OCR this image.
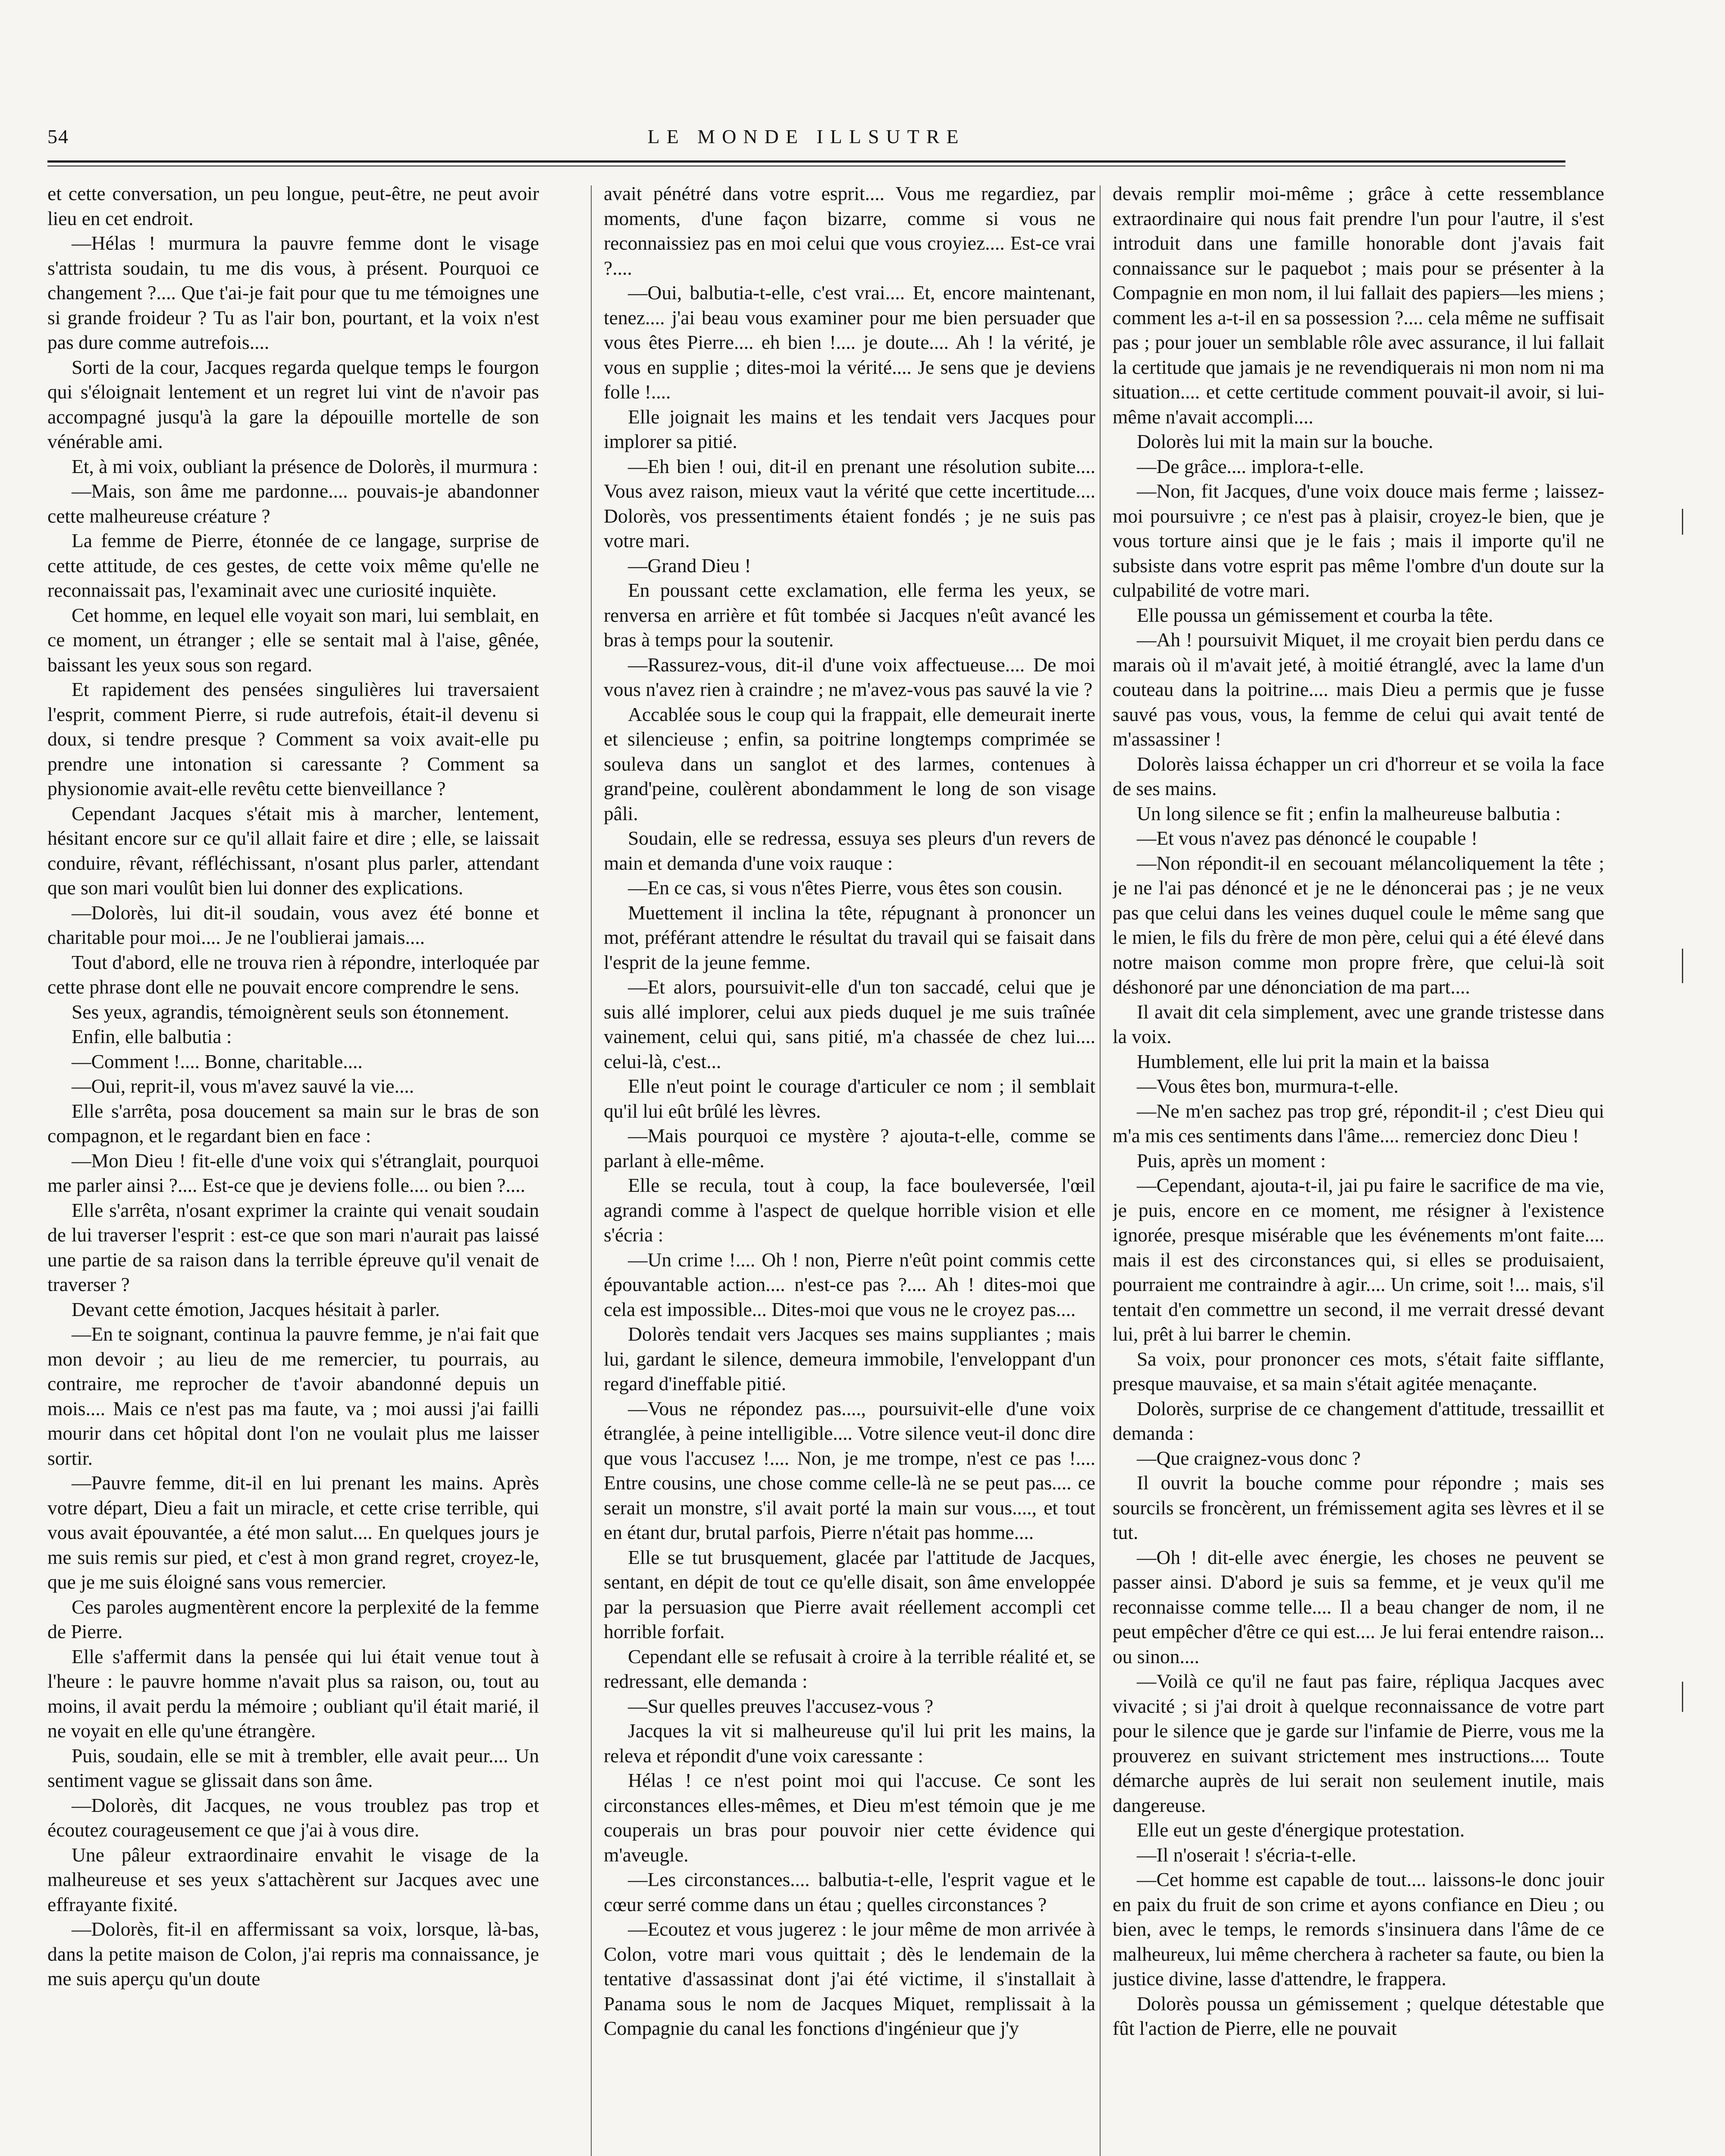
54	LE MONDE ILLSUTRE

et cette conversation, un peu longue, peut-être, ne peut avoir lieu en cet endroit.

—Hélas ! murmura la pauvre femme dont le visage s'attrista soudain, tu me dis vous, à présent. Pourquoi ce changement ?.... Que t'ai-je fait pour que tu me témoignes une si grande froideur ? Tu as l'air bon, pourtant, et la voix n'est pas dure comme autrefois....

Sorti de la cour, Jacques regarda quelque temps le fourgon qui s'éloignait lentement et un regret lui vint de n'avoir pas accompagné jusqu'à la gare la dépouille mortelle de son vénérable ami.

Et, à mi voix, oubliant la présence de Dolorès, il murmura :

—Mais, son âme me pardonne.... pouvais-je abandonner cette malheureuse créature ?

La femme de Pierre, étonnée de ce langage, surprise de cette attitude, de ces gestes, de cette voix même qu'elle ne reconnaissait pas, l'examinait avec une curiosité inquiète.

Cet homme, en lequel elle voyait son mari, lui semblait, en ce moment, un étranger ; elle se sentait mal à l'aise, gênée, baissant les yeux sous son regard.

Et rapidement des pensées singulières lui traversaient l'esprit, comment Pierre, si rude autrefois, était-il devenu si doux, si tendre presque ? Comment sa voix avait-elle pu prendre une intonation si caressante ? Comment sa physionomie avait-elle revêtu cette bienveillance ?

Cependant Jacques s'était mis à marcher, lentement, hésitant encore sur ce qu'il allait faire et dire ; elle, se laissait conduire, rêvant, réfléchissant, n'osant plus parler, attendant que son mari voulût bien lui donner des explications.

—Dolorès, lui dit-il soudain, vous avez été bonne et charitable pour moi.... Je ne l'oublierai jamais....

Tout d'abord, elle ne trouva rien à répondre, interloquée par cette phrase dont elle ne pouvait encore comprendre le sens.

Ses yeux, agrandis, témoignèrent seuls son étonnement.

Enfin, elle balbutia :

—Comment !.... Bonne, charitable....

—Oui, reprit-il, vous m'avez sauvé la vie....

Elle s'arrêta, posa doucement sa main sur le bras de son compagnon, et le regardant bien en face :

—Mon Dieu ! fit-elle d'une voix qui s'étranglait, pourquoi me parler ainsi ?.... Est-ce que je deviens folle.... ou bien ?....

Elle s'arrêta, n'osant exprimer la crainte qui venait soudain de lui traverser l'esprit : est-ce que son mari n'aurait pas laissé une partie de sa raison dans la terrible épreuve qu'il venait de traverser ?

Devant cette émotion, Jacques hésitait à parler.

—En te soignant, continua la pauvre femme, je n'ai fait que mon devoir ; au lieu de me remercier, tu pourrais, au contraire, me reprocher de t'avoir abandonné depuis un mois.... Mais ce n'est pas ma faute, va ; moi aussi j'ai failli mourir dans cet hôpital dont l'on ne voulait plus me laisser sortir.

—Pauvre femme, dit-il en lui prenant les mains. Après votre départ, Dieu a fait un miracle, et cette crise terrible, qui vous avait épouvantée, a été mon salut.... En quelques jours je me suis remis sur pied, et c'est à mon grand regret, croyez-le, que je me suis éloigné sans vous remercier.

Ces paroles augmentèrent encore la perplexité de la femme de Pierre.

Elle s'affermit dans la pensée qui lui était venue tout à l'heure : le pauvre homme n'avait plus sa raison, ou, tout au moins, il avait perdu la mémoire ; oubliant qu'il était marié, il ne voyait en elle qu'une étrangère.

Puis, soudain, elle se mit à trembler, elle avait peur.... Un sentiment vague se glissait dans son âme.

—Dolorès, dit Jacques, ne vous troublez pas trop et écoutez courageusement ce que j'ai à vous dire.

Une pâleur extraordinaire envahit le visage de la malheureuse et ses yeux s'attachèrent sur Jacques avec une effrayante fixité.

—Dolorès, fit-il en affermissant sa voix, lorsque, là-bas, dans la petite maison de Colon, j'ai repris ma connaissance, je me suis aperçu qu'un doute

avait pénétré dans votre esprit.... Vous me regardiez, par moments, d'une façon bizarre, comme si vous ne reconnaissiez pas en moi celui que vous croyiez.... Est-ce vrai ?....

—Oui, balbutia-t-elle, c'est vrai.... Et, encore maintenant, tenez.... j'ai beau vous examiner pour me bien persuader que vous êtes Pierre.... eh bien !.... je doute.... Ah ! la vérité, je vous en supplie ; dites-moi la vérité.... Je sens que je deviens folle !....

Elle joignait les mains et les tendait vers Jacques pour implorer sa pitié.

—Eh bien ! oui, dit-il en prenant une résolution subite.... Vous avez raison, mieux vaut la vérité que cette incertitude.... Dolorès, vos pressentiments étaient fondés ; je ne suis pas votre mari.

—Grand Dieu !

En poussant cette exclamation, elle ferma les yeux, se renversa en arrière et fût tombée si Jacques n'eût avancé les bras à temps pour la soutenir.

—Rassurez-vous, dit-il d'une voix affectueuse.... De moi vous n'avez rien à craindre ; ne m'avez-vous pas sauvé la vie ?

Accablée sous le coup qui la frappait, elle demeurait inerte et silencieuse ; enfin, sa poitrine longtemps comprimée se souleva dans un sanglot et des larmes, contenues à grand'peine, coulèrent abondamment le long de son visage pâli.

Soudain, elle se redressa, essuya ses pleurs d'un revers de main et demanda d'une voix rauque :

—En ce cas, si vous n'êtes Pierre, vous êtes son cousin.

Muettement il inclina la tête, répugnant à prononcer un mot, préférant attendre le résultat du travail qui se faisait dans l'esprit de la jeune femme.

—Et alors, poursuivit-elle d'un ton saccadé, celui que je suis allé implorer, celui aux pieds duquel je me suis traînée vainement, celui qui, sans pitié, m'a chassée de chez lui.... celui-là, c'est...

Elle n'eut point le courage d'articuler ce nom ; il semblait qu'il lui eût brûlé les lèvres.

—Mais pourquoi ce mystère ? ajouta-t-elle, comme se parlant à elle-même.

Elle se recula, tout à coup, la face bouleversée, l'œil agrandi comme à l'aspect de quelque horrible vision et elle s'écria :

—Un crime !.... Oh ! non, Pierre n'eût point commis cette épouvantable action.... n'est-ce pas ?.... Ah ! dites-moi que cela est impossible... Dites-moi que vous ne le croyez pas....

Dolorès tendait vers Jacques ses mains suppliantes ; mais lui, gardant le silence, demeura immobile, l'enveloppant d'un regard d'ineffable pitié.

—Vous ne répondez pas...., poursuivit-elle d'une voix étranglée, à peine intelligible.... Votre silence veut-il donc dire que vous l'accusez !.... Non, je me trompe, n'est ce pas !.... Entre cousins, une chose comme celle-là ne se peut pas.... ce serait un monstre, s'il avait porté la main sur vous...., et tout en étant dur, brutal parfois, Pierre n'était pas homme....

Elle se tut brusquement, glacée par l'attitude de Jacques, sentant, en dépit de tout ce qu'elle disait, son âme enveloppée par la persuasion que Pierre avait réellement accompli cet horrible forfait.

Cependant elle se refusait à croire à la terrible réalité et, se redressant, elle demanda :

—Sur quelles preuves l'accusez-vous ?

Jacques la vit si malheureuse qu'il lui prit les mains, la releva et répondit d'une voix caressante :

Hélas ! ce n'est point moi qui l'accuse. Ce sont les circonstances elles-mêmes, et Dieu m'est témoin que je me couperais un bras pour pouvoir nier cette évidence qui m'aveugle.

—Les circonstances.... balbutia-t-elle, l'esprit vague et le cœur serré comme dans un étau ; quelles circonstances ?

—Ecoutez et vous jugerez : le jour même de mon arrivée à Colon, votre mari vous quittait ; dès le lendemain de la tentative d'assassinat dont j'ai été victime, il s'installait à Panama sous le nom de Jacques Miquet, remplissait à la Compagnie du canal les fonctions d'ingénieur que j'y

devais remplir moi-même ; grâce à cette ressemblance extraordinaire qui nous fait prendre l'un pour l'autre, il s'est introduit dans une famille honorable dont j'avais fait connaissance sur le paquebot ; mais pour se présenter à la Compagnie en mon nom, il lui fallait des papiers—les miens ; comment les a-t-il en sa possession ?.... cela même ne suffisait pas ; pour jouer un semblable rôle avec assurance, il lui fallait la certitude que jamais je ne revendiquerais ni mon nom ni ma situation.... et cette certitude comment pouvait-il avoir, si lui-même n'avait accompli....

Dolorès lui mit la main sur la bouche.

—De grâce.... implora-t-elle.

—Non, fit Jacques, d'une voix douce mais ferme ; laissez-moi poursuivre ; ce n'est pas à plaisir, croyez-le bien, que je vous torture ainsi que je le fais ; mais il importe qu'il ne subsiste dans votre esprit pas même l'ombre d'un doute sur la culpabilité de votre mari.

Elle poussa un gémissement et courba la tête.

—Ah ! poursuivit Miquet, il me croyait bien perdu dans ce marais où il m'avait jeté, à moitié étranglé, avec la lame d'un couteau dans la poitrine.... mais Dieu a permis que je fusse sauvé pas vous, vous, la femme de celui qui avait tenté de m'assassiner !

Dolorès laissa échapper un cri d'horreur et se voila la face de ses mains.

Un long silence se fit ; enfin la malheureuse balbutia :

—Et vous n'avez pas dénoncé le coupable !

—Non répondit-il en secouant mélancoliquement la tête ; je ne l'ai pas dénoncé et je ne le dénoncerai pas ; je ne veux pas que celui dans les veines duquel coule le même sang que le mien, le fils du frère de mon père, celui qui a été élevé dans notre maison comme mon propre frère, que celui-là soit déshonoré par une dénonciation de ma part....

Il avait dit cela simplement, avec une grande tristesse dans la voix.

Humblement, elle lui prit la main et la baissa

—Vous êtes bon, murmura-t-elle.

—Ne m'en sachez pas trop gré, répondit-il ; c'est Dieu qui m'a mis ces sentiments dans l'âme.... remerciez donc Dieu !

Puis, après un moment :

—Cependant, ajouta-t-il, jai pu faire le sacrifice de ma vie, je puis, encore en ce moment, me résigner à l'existence ignorée, presque misérable que les événements m'ont faite.... mais il est des circonstances qui, si elles se produisaient, pourraient me contraindre à agir.... Un crime, soit !... mais, s'il tentait d'en commettre un second, il me verrait dressé devant lui, prêt à lui barrer le chemin.

Sa voix, pour prononcer ces mots, s'était faite sifflante, presque mauvaise, et sa main s'était agitée menaçante.

Dolorès, surprise de ce changement d'attitude, tressaillit et demanda :

—Que craignez-vous donc ?

Il ouvrit la bouche comme pour répondre ; mais ses sourcils se froncèrent, un frémissement agita ses lèvres et il se tut.

—Oh ! dit-elle avec énergie, les choses ne peuvent se passer ainsi. D'abord je suis sa femme, et je veux qu'il me reconnaisse comme telle.... Il a beau changer de nom, il ne peut empêcher d'être ce qui est.... Je lui ferai entendre raison... ou sinon....

—Voilà ce qu'il ne faut pas faire, répliqua Jacques avec vivacité ; si j'ai droit à quelque reconnaissance de votre part pour le silence que je garde sur l'infamie de Pierre, vous me la prouverez en suivant strictement mes instructions.... Toute démarche auprès de lui serait non seulement inutile, mais dangereuse.

Elle eut un geste d'énergique protestation.

—Il n'oserait ! s'écria-t-elle.

—Cet homme est capable de tout.... laissons-le donc jouir en paix du fruit de son crime et ayons confiance en Dieu ; ou bien, avec le temps, le remords s'insinuera dans l'âme de ce malheureux, lui même cherchera à racheter sa faute, ou bien la justice divine, lasse d'attendre, le frappera.

Dolorès poussa un gémissement ; quelque détestable que fût l'action de Pierre, elle ne pouvait
